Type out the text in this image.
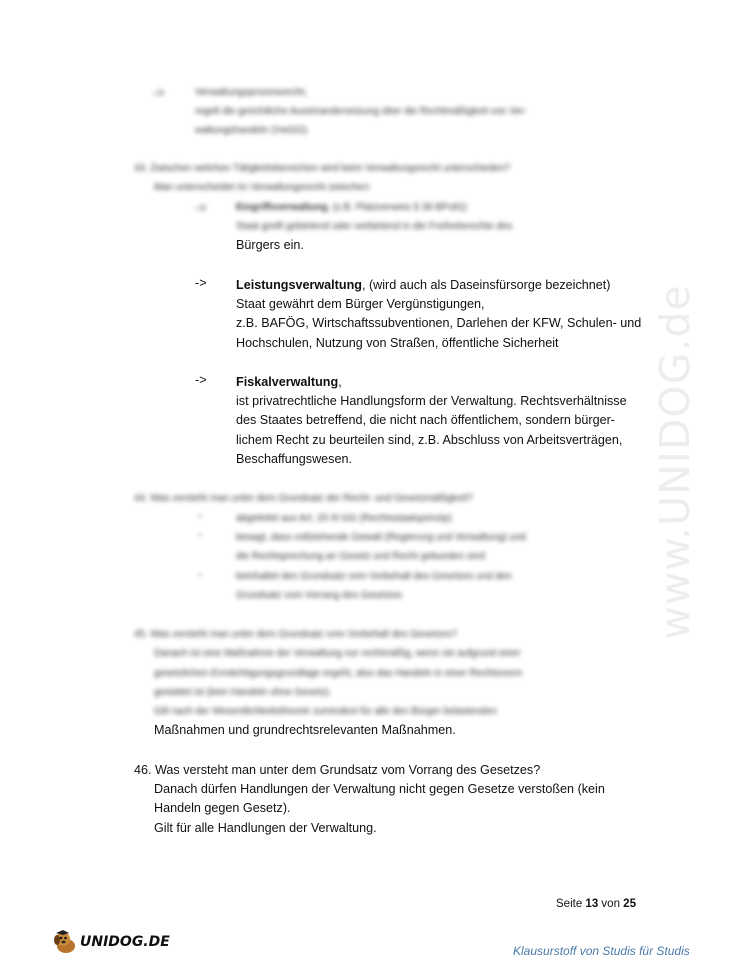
www.UNIDOG.de
->	Verwaltungsprozessrecht,
regelt die gerichtliche Auseinandersetzung über die Rechtmäßigkeit von Ver-
waltungshandeln (VwGO).
43. Zwischen welchen Tätigkeitsbereichen wird beim Verwaltungsrecht unterschieden?
Man unterscheidet im Verwaltungsrecht zwischen:
->	Eingriffsverwaltung, (z.B. Platzverweis § 38 BPolG)
Staat greift gebietend oder verbietend in die Freiheitsrechte des
Bürgers ein.
-> Leistungsverwaltung, (wird auch als Daseinsfürsorge bezeichnet)
Staat gewährt dem Bürger Vergünstigungen,
z.B. BAFÖG, Wirtschaftssubventionen, Darlehen der KFW, Schulen- und
Hochschulen, Nutzung von Straßen, öffentliche Sicherheit
-> Fiskalverwaltung,
ist privatrechtliche Handlungsform der Verwaltung. Rechtsverhältnisse
des Staates betreffend, die nicht nach öffentlichem, sondern bürger-
lichem Recht zu beurteilen sind, z.B. Abschluss von Arbeitsverträgen,
Beschaffungswesen.
44. Was versteht man unter dem Grundsatz der Recht- und Gesetzmäßigkeit?
-	abgeleitet aus Art. 20 III GG (Rechtsstaatsprinzip)
-	besagt, dass vollziehende Gewalt (Regierung und Verwaltung) und
die Rechtsprechung an Gesetz und Recht gebunden sind
-	beinhaltet den Grundsatz vom Vorbehalt des Gesetzes und den
Grundsatz vom Vorrang des Gesetzes
45. Was versteht man unter dem Grundsatz vom Vorbehalt des Gesetzes?
Danach ist eine Maßnahme der Verwaltung nur rechtmäßig, wenn sie aufgrund einer
gesetzlichen Ermächtigungsgrundlage ergeht, also das Handeln in einer Rechtsnorm
gestattet ist (kein Handeln ohne Gesetz).
Gilt nach der Wesentlichkeitstheorie zumindest für alle den Bürger belastenden
Maßnahmen und grundrechtsrelevanten Maßnahmen.
46. Was versteht man unter dem Grundsatz vom Vorrang des Gesetzes?
Danach dürfen Handlungen der Verwaltung nicht gegen Gesetze verstoßen (kein
Handeln gegen Gesetz).
Gilt für alle Handlungen der Verwaltung.
Seite 13 von 25
UNIDOG.DE
Klausurstoff von Studis für Studis
